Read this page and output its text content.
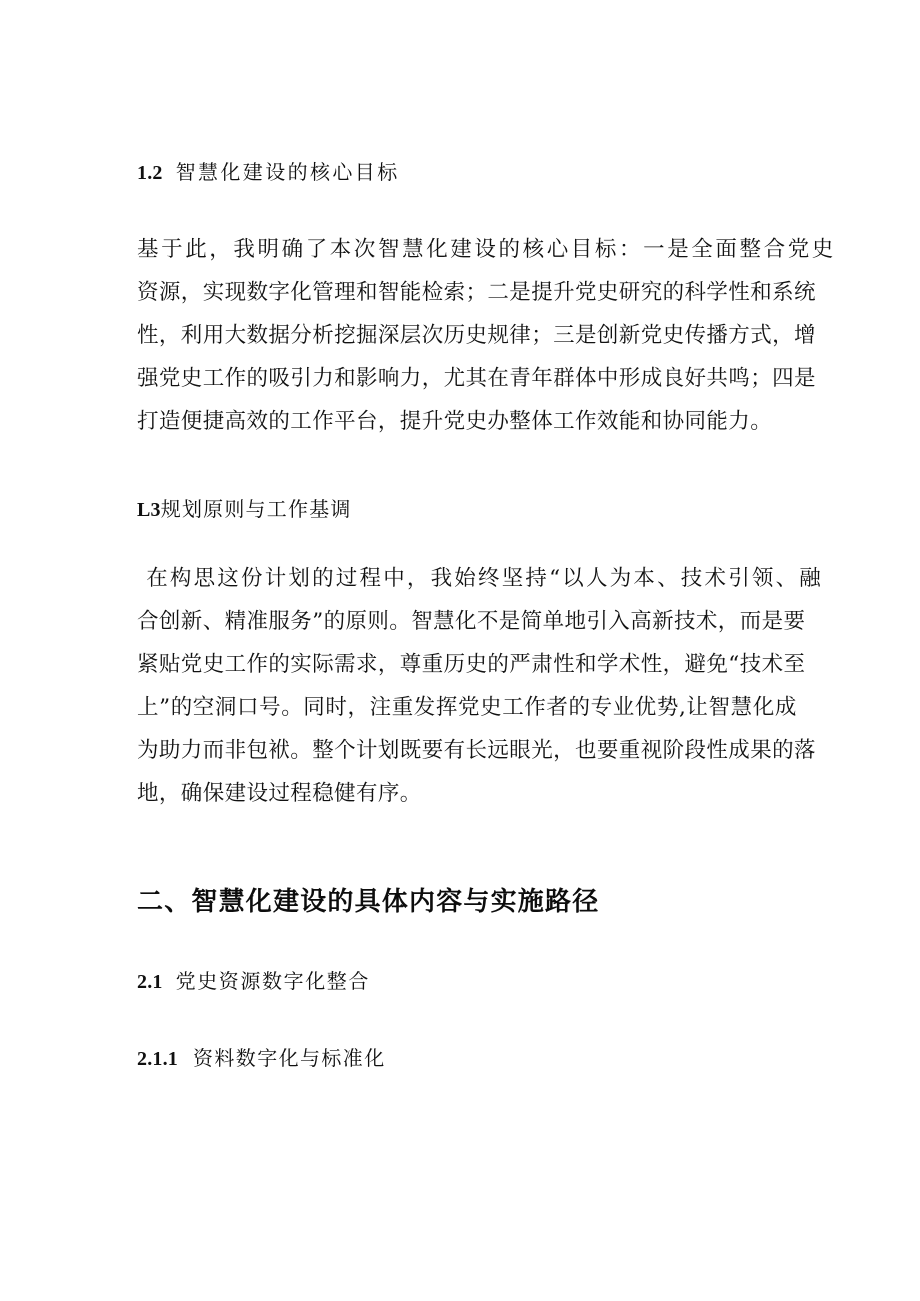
1.2 智慧化建设的核心目标
基于此，我明确了本次智慧化建设的核心目标：一是全面整合党史
资源，实现数字化管理和智能检索；二是提升党史研究的科学性和系统
性，利用大数据分析挖掘深层次历史规律；三是创新党史传播方式，增
强党史工作的吸引力和影响力，尤其在青年群体中形成良好共鸣；四是
打造便捷高效的工作平台，提升党史办整体工作效能和协同能力。
L3规划原则与工作基调
在构思这份计划的过程中，我始终坚持“以人为本、技术引领、融
合创新、精准服务”的原则。智慧化不是简单地引入高新技术，而是要
紧贴党史工作的实际需求，尊重历史的严肃性和学术性，避免“技术至
上”的空洞口号。同时，注重发挥党史工作者的专业优势,让智慧化成
为助力而非包袱。整个计划既要有长远眼光，也要重视阶段性成果的落
地，确保建设过程稳健有序。
二、智慧化建设的具体内容与实施路径
2.1 党史资源数字化整合
2.1.1 资料数字化与标准化
